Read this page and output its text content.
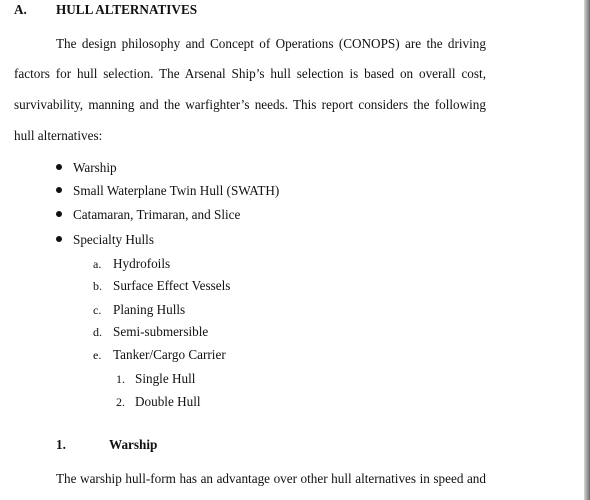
A. HULL ALTERNATIVES
The design philosophy and Concept of Operations (CONOPS) are the driving
factors for hull selection. The Arsenal Ship’s hull selection is based on overall cost,
survivability, manning and the warfighter’s needs. This report considers the following
hull alternatives:
Warship
Small Waterplane Twin Hull (SWATH)
Catamaran, Trimaran, and Slice
Specialty Hulls
a. Hydrofoils
b. Surface Effect Vessels
c. Planing Hulls
d. Semi-submersible
e. Tanker/Cargo Carrier
1. Single Hull
2. Double Hull
1.	Warship
The warship hull-form has an advantage over other hull alternatives in speed and
